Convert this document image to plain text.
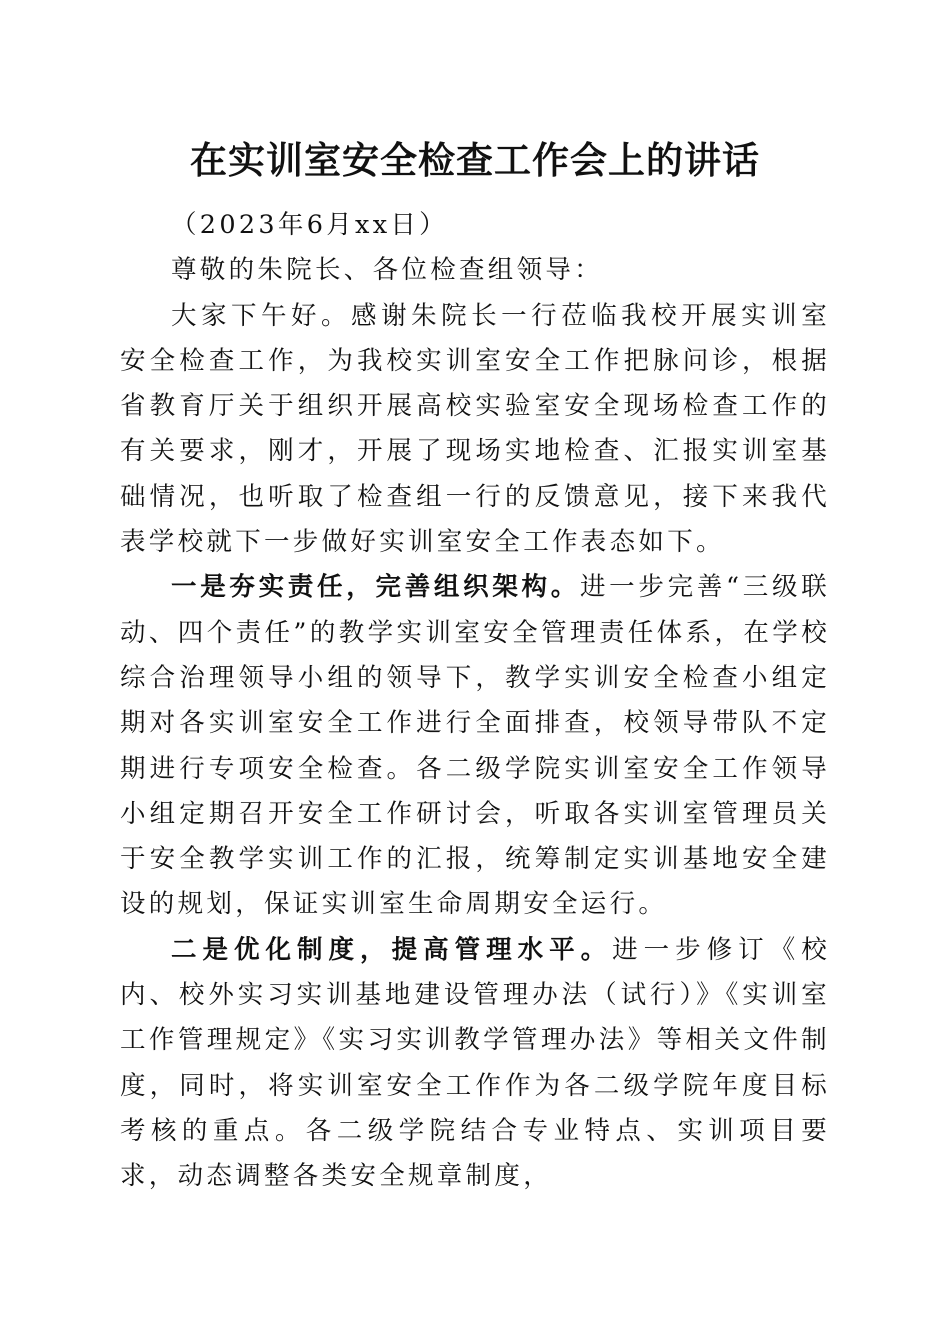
在实训室安全检查工作会上的讲话

（2023年6月xx日）

尊敬的朱院长、各位检查组领导：

大家下午好。感谢朱院长一行莅临我校开展实训室安全检查工作，为我校实训室安全工作把脉问诊，根据省教育厅关于组织开展高校实验室安全现场检查工作的有关要求，刚才，开展了现场实地检查、汇报实训室基础情况，也听取了检查组一行的反馈意见，接下来我代表学校就下一步做好实训室安全工作表态如下。

一是夯实责任，完善组织架构。进一步完善“三级联动、四个责任”的教学实训室安全管理责任体系，在学校综合治理领导小组的领导下，教学实训安全检查小组定期对各实训室安全工作进行全面排查，校领导带队不定期进行专项安全检查。各二级学院实训室安全工作领导小组定期召开安全工作研讨会，听取各实训室管理员关于安全教学实训工作的汇报，统筹制定实训基地安全建设的规划，保证实训室生命周期安全运行。

二是优化制度，提高管理水平。进一步修订《校内、校外实习实训基地建设管理办法（试行）》《实训室工作管理规定》《实习实训教学管理办法》等相关文件制度，同时，将实训室安全工作作为各二级学院年度目标考核的重点。各二级学院结合专业特点、实训项目要求，动态调整各类安全规章制度，
